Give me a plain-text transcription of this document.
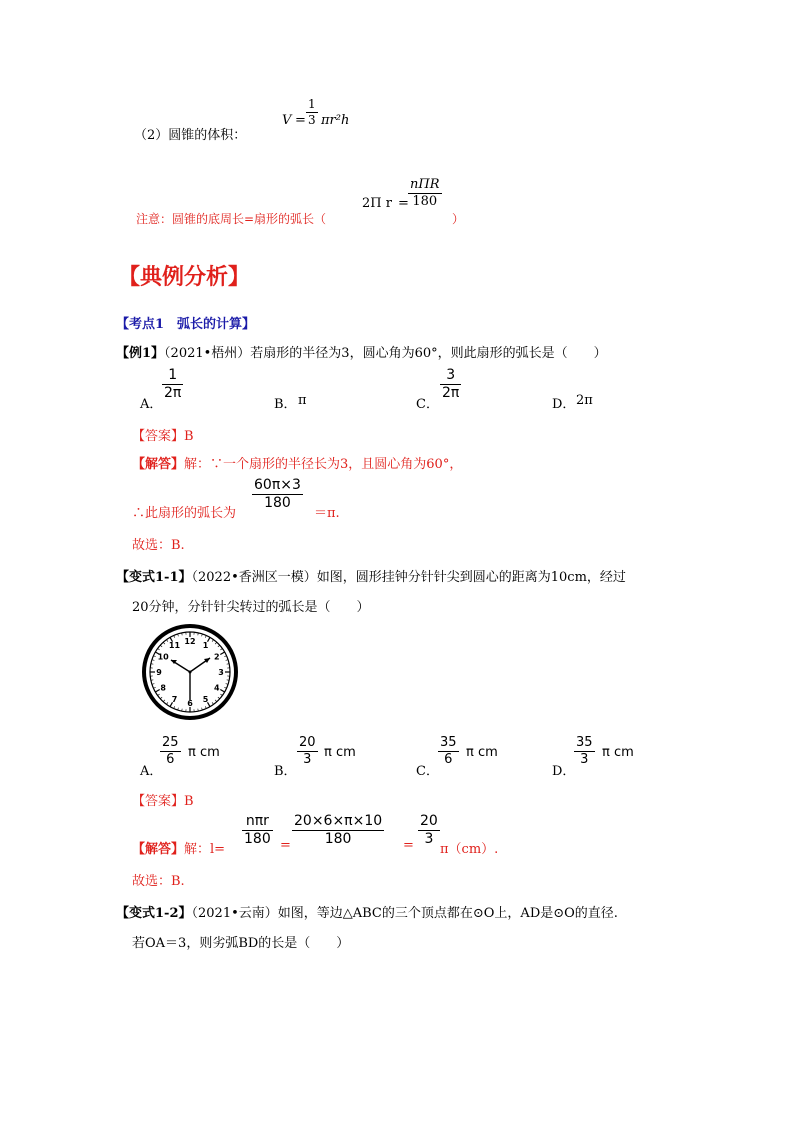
（2）圆锥的体积：
V =
1
3 πr²h
2Π r =
nΠR
180
注意：圆锥的底周长=扇形的弧长（	）
【典例分析】
【考点1　弧长的计算】
【例1】（2021•梧州）若扇形的半径为3，圆心角为60°，则此扇形的弧长是（　　）
A．
1
2π
B． π	C．
3
2π
D． 2π
【答案】B
【解答】解：∵一个扇形的半径长为3，且圆心角为60°，
∴此扇形的弧长为
60π×3
180
＝π.
故选：B.
【变式1-1】（2022•香洲区一模）如图，圆形挂钟分针针尖到圆心的距离为10cm，经过
20分钟，分针针尖转过的弧长是（　　）
12 1
2
3
4
5
6
7
8
9
10
11
A．
25
6 π cm
B．
20
3 π cm
C．
35
6 π cm
D．
35
3 π cm
【答案】B
【解答】解：l=
nπr
180 =
20×6×π×10
180	=
20
3
π（cm）.
故选：B.
【变式1-2】（2021•云南）如图，等边△ABC的三个顶点都在⊙O上，AD是⊙O的直径.
若OA＝3，则劣弧BD的长是（　　）
